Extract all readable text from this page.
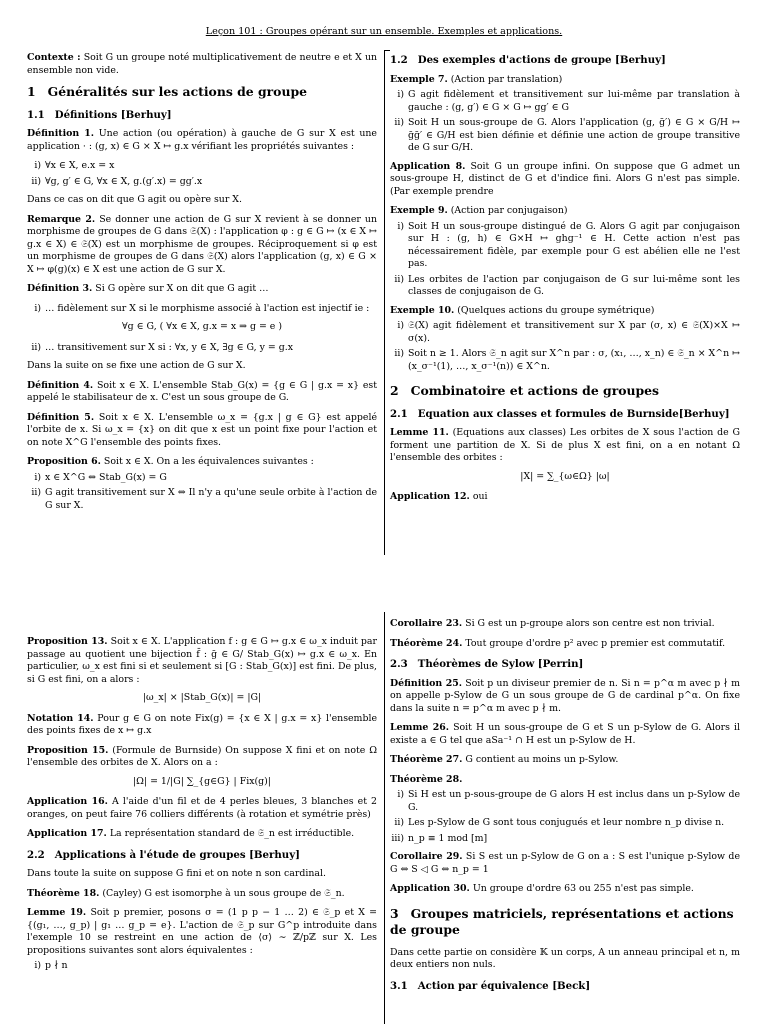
Leçon 101 : Groupes opérant sur un ensemble. Exemples et applications.

Contexte : Soit G un groupe noté multiplicativement de neutre e et X un ensemble non vide.

1 Généralités sur les actions de groupe
1.1 Définitions [Berhuy]

Définition 1. Une action (ou opération) à gauche de G sur X est une application · : (g, x) ∈ G × X ↦ g.x vérifiant les propriétés suivantes :

i) ∀x ∈ X, e.x = x
ii) ∀g, g′ ∈ G, ∀x ∈ X, g.(g′.x) = gg′.x

Dans ce cas on dit que G agit ou opère sur X.

Remarque 2. Se donner une action de G sur X revient à se donner un morphisme de groupes de G dans 𝔖(X) : l'application φ : g ∈ G ↦ (x ∈ X ↦ g.x ∈ X) ∈ 𝔖(X) est un morphisme de groupes. Réciproquement si φ est un morphisme de groupes de G dans 𝔖(X) alors l'application (g, x) ∈ G × X ↦ φ(g)(x) ∈ X est une action de G sur X.

Définition 3. Si G opère sur X on dit que G agit …

i) … fidèlement sur X si le morphisme associé à l'action est injectif ie :
∀g ∈ G, ( ∀x ∈ X, g.x = x ⇒ g = e )
ii) … transitivement sur X si : ∀x, y ∈ X, ∃g ∈ G, y = g.x

Dans la suite on se fixe une action de G sur X.

Définition 4. Soit x ∈ X. L'ensemble Stab_G(x) = {g ∈ G | g.x = x} est appelé le stabilisateur de x. C'est un sous groupe de G.

Définition 5. Soit x ∈ X. L'ensemble ω_x = {g.x | g ∈ G} est appelé l'orbite de x. Si ω_x = {x} on dit que x est un point fixe pour l'action et on note X^G l'ensemble des points fixes.

Proposition 6. Soit x ∈ X. On a les équivalences suivantes :

i) x ∈ X^G ⇔ Stab_G(x) = G
ii) G agit transitivement sur X ⇔ Il n'y a qu'une seule orbite à l'action de G sur X.
1.2 Des exemples d'actions de groupe [Berhuy]

Exemple 7. (Action par translation)

i) G agit fidèlement et transitivement sur lui-même par translation à gauche : (g, g′) ∈ G × G ↦ gg′ ∈ G
ii) Soit H un sous-groupe de G. Alors l'application (g, ḡ′) ∈ G × G/H ↦ ḡḡ′ ∈ G/H est bien définie et définie une action de groupe transitive de G sur G/H.

Application 8. Soit G un groupe infini. On suppose que G admet un sous-groupe H, distinct de G et d'indice fini. Alors G n'est pas simple. (Par exemple prendre

Exemple 9. (Action par conjugaison)

i) Soit H un sous-groupe distingué de G. Alors G agit par conjugaison sur H : (g, h) ∈ G×H ↦ ghg⁻¹ ∈ H. Cette action n'est pas nécessairement fidèle, par exemple pour G est abélien elle ne l'est pas.
ii) Les orbites de l'action par conjugaison de G sur lui-même sont les classes de conjugaison de G.

Exemple 10. (Quelques actions du groupe symétrique)

i) 𝔖(X) agit fidèlement et transitivement sur X par (σ, x) ∈ 𝔖(X)×X ↦ σ(x).
ii) Soit n ≥ 1. Alors 𝔖_n agit sur X^n par : σ, (x₁, …, x_n) ∈ 𝔖_n × X^n ↦ (x_σ⁻¹(1), …, x_σ⁻¹(n)) ∈ X^n.
2 Combinatoire et actions de groupes
2.1 Equation aux classes et formules de Burnside[Berhuy]

Lemme 11. (Equations aux classes) Les orbites de X sous l'action de G forment une partition de X. Si de plus X est fini, on a en notant Ω l'ensemble des orbites :

|X| = ∑_{ω∈Ω} |ω|

Application 12. oui

Proposition 13. Soit x ∈ X. L'application f : g ∈ G ↦ g.x ∈ ω_x induit par passage au quotient une bijection f̄ : ḡ ∈ G/ Stab_G(x) ↦ g.x ∈ ω_x. En particulier, ω_x est fini si et seulement si [G : Stab_G(x)] est fini. De plus, si G est fini, on a alors :

|ω_x| × |Stab_G(x)| = |G|

Notation 14. Pour g ∈ G on note Fix(g) = {x ∈ X | g.x = x} l'ensemble des points fixes de x ↦ g.x

Proposition 15. (Formule de Burnside) On suppose X fini et on note Ω l'ensemble des orbites de X. Alors on a :

|Ω| = 1/|G| ∑_{g∈G} | Fix(g)|

Application 16. A l'aide d'un fil et de 4 perles bleues, 3 blanches et 2 oranges, on peut faire 76 colliers différents (à rotation et symétrie près)

Application 17. La représentation standard de 𝔖_n est irréductible.

2.2 Applications à l'étude de groupes [Berhuy]

Dans toute la suite on suppose G fini et on note n son cardinal.

Théorème 18. (Cayley) G est isomorphe à un sous groupe de 𝔖_n.

Lemme 19. Soit p premier, posons σ = (1 p p − 1 … 2) ∈ 𝔖_p et X = {(g₁, …, g_p) | g₁ … g_p = e}. L'action de 𝔖_p sur G^p introduite dans l'exemple 10 se restreint en une action de ⟨σ⟩ ∼ ℤ/pℤ sur X. Les propositions suivantes sont alors équivalentes :

i) p ∤ n

Corollaire 23. Si G est un p-groupe alors son centre est non trivial.

Théorème 24. Tout groupe d'ordre p² avec p premier est commutatif.

2.3 Théorèmes de Sylow [Perrin]

Définition 25. Soit p un diviseur premier de n. Si n = p^α m avec p ∤ m on appelle p-Sylow de G un sous groupe de G de cardinal p^α. On fixe dans la suite n = p^α m avec p ∤ m.

Lemme 26. Soit H un sous-groupe de G et S un p-Sylow de G. Alors il existe a ∈ G tel que aSa⁻¹ ∩ H est un p-Sylow de H.

Théorème 27. G contient au moins un p-Sylow.

Théorème 28.

i) Si H est un p-sous-groupe de G alors H est inclus dans un p-Sylow de G.
ii) Les p-Sylow de G sont tous conjugués et leur nombre n_p divise n.
iii) n_p ≡ 1 mod [m]

Corollaire 29. Si S est un p-Sylow de G on a : S est l'unique p-Sylow de G ⇔ S ◁ G ⇔ n_p = 1

Application 30. Un groupe d'ordre 63 ou 255 n'est pas simple.

3 Groupes matriciels, représentations et actions de groupe

Dans cette partie on considère 𝕂 un corps, A un anneau principal et n, m deux entiers non nuls.

3.1 Action par équivalence [Beck]
